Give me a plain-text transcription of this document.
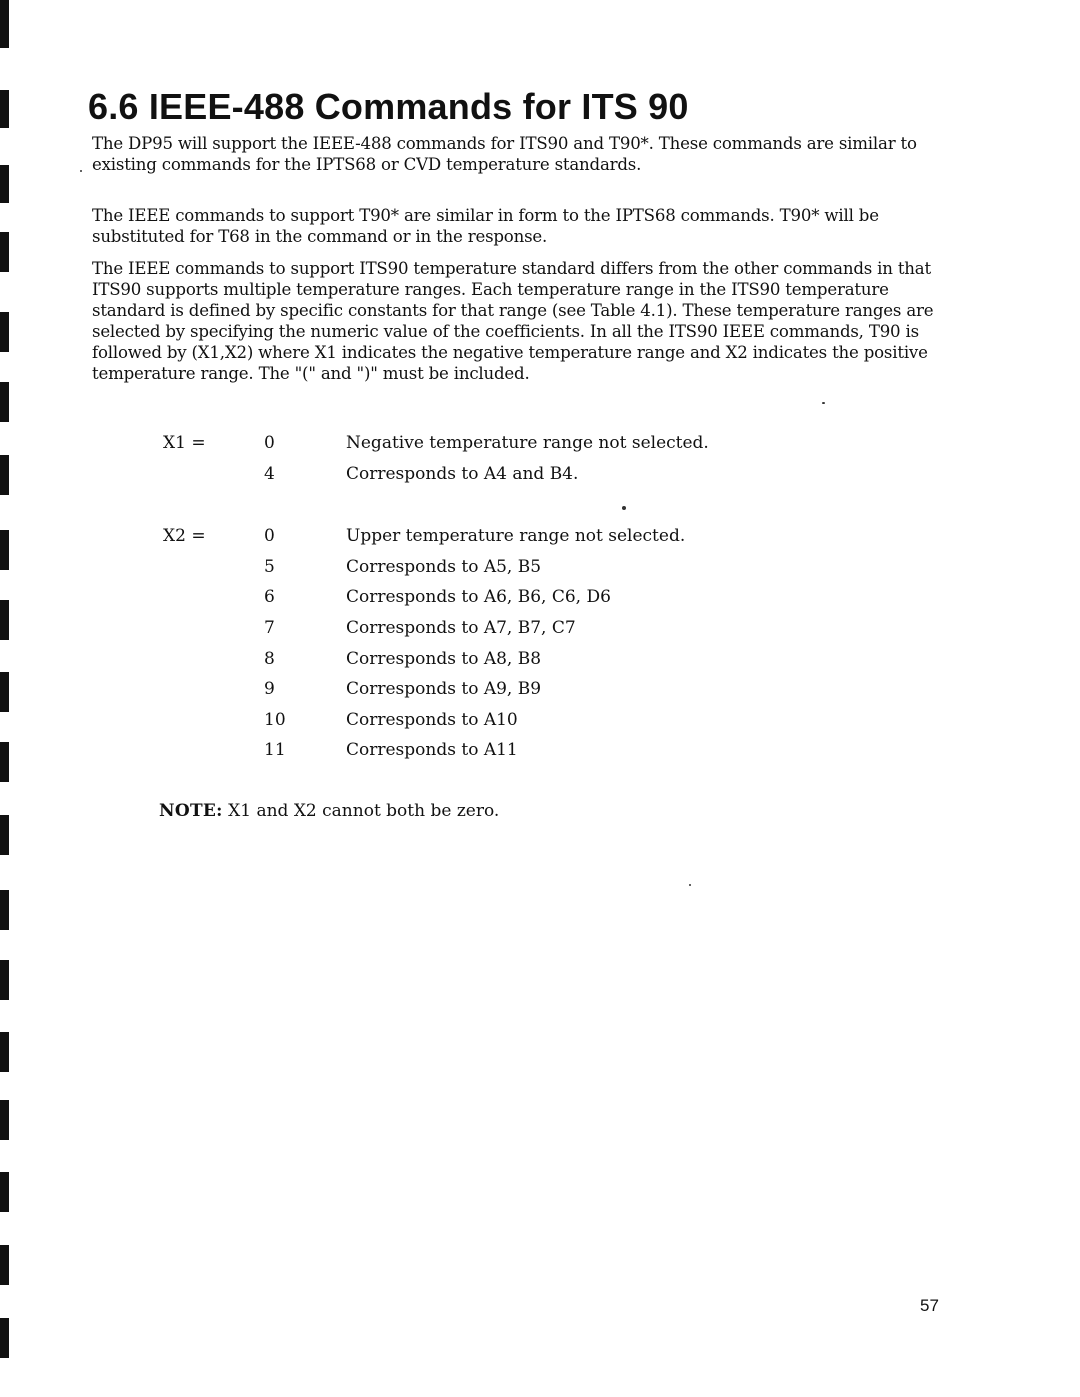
6.6 IEEE-488 Commands for ITS 90

The DP95 will support the IEEE-488 commands for ITS90 and T90*. These commands are similar to existing commands for the IPTS68 or CVD temperature standards.

The IEEE commands to support T90* are similar in form to the IPTS68 commands. T90* will be substituted for T68 in the command or in the response.

The IEEE commands to support ITS90 temperature standard differs from the other commands in that ITS90 supports multiple temperature ranges. Each temperature range in the ITS90 temperature standard is defined by specific constants for that range (see Table 4.1). These temperature ranges are selected by specifying the numeric value of the coefficients. In all the ITS90 IEEE commands, T90 is followed by (X1,X2) where X1 indicates the negative temperature range and X2 indicates the positive temperature range. The "(" and ")" must be included.

X1 =	0	Negative temperature range not selected.
4	Corresponds to A4 and B4.
X2 =	0	Upper temperature range not selected.
5	Corresponds to A5, B5
6	Corresponds to A6, B6, C6, D6
7	Corresponds to A7, B7, C7
8	Corresponds to A8, B8
9	Corresponds to A9, B9
10	Corresponds to A10
11	Corresponds to A11
NOTE: X1 and X2 cannot both be zero.
57
